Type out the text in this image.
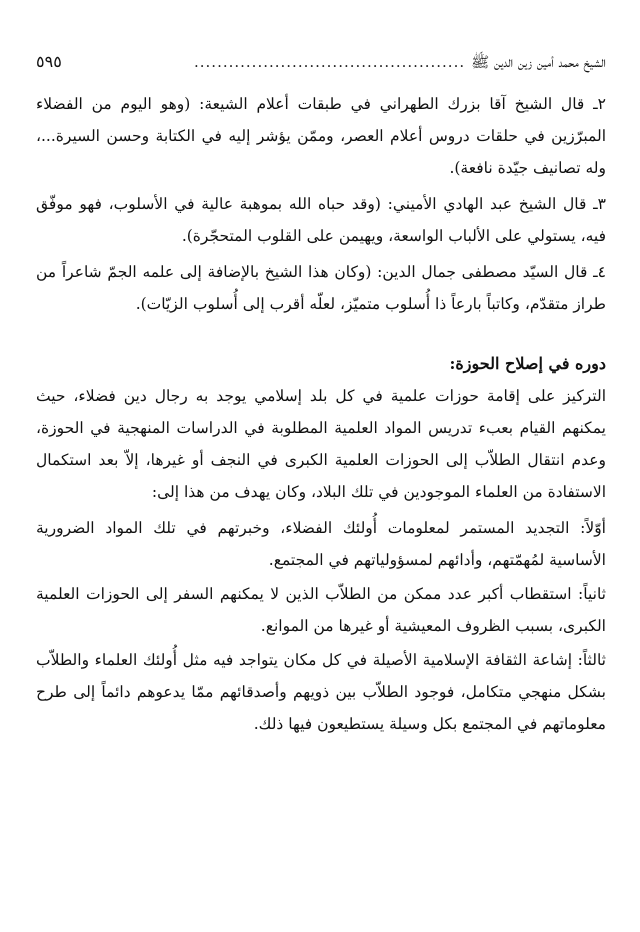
الشيخ محمد أمين زين الدين ﷺ
...............................................
٥٩٥

٢ـ قال الشيخ آقا بزرك الطهراني في طبقات أعلام الشيعة: (وهو اليوم من الفضلاء المبرّزين في حلقات دروس أعلام العصر، وممّن يؤشر إليه في الكتابة وحسن السيرة...، وله تصانيف جيّدة نافعة).

٣ـ قال الشيخ عبد الهادي الأميني: (وقد حباه الله بموهبة عالية في الأسلوب، فهو موفّق فيه، يستولي على الألباب الواسعة، ويهيمن على القلوب المتحجّرة).

٤ـ قال السيّد مصطفى جمال الدين: (وكان هذا الشيخ بالإضافة إلى علمه الجمّ شاعراً من طراز متقدّم، وكاتباً بارعاً ذا أُسلوب متميّز، لعلّه أقرب إلى أُسلوب الزيّات).

دوره في إصلاح الحوزة:

التركيز على إقامة حوزات علمية في كل بلد إسلامي يوجد به رجال دين فضلاء، حيث يمكنهم القيام بعبء تدريس المواد العلمية المطلوبة في الدراسات المنهجية في الحوزة، وعدم انتقال الطلاّب إلى الحوزات العلمية الكبرى في النجف أو غيرها، إلاّ بعد استكمال الاستفادة من العلماء الموجودين في تلك البلاد، وكان يهدف من هذا إلى:

أوّلاً: التجديد المستمر لمعلومات أُولئك الفضلاء، وخبرتهم في تلك المواد الضرورية الأساسية لمُهمّتهم، وأدائهم لمسؤولياتهم في المجتمع.

ثانياً: استقطاب أكبر عدد ممكن من الطلاّب الذين لا يمكنهم السفر إلى الحوزات العلمية الكبرى، بسبب الظروف المعيشية أو غيرها من الموانع.

ثالثاً: إشاعة الثقافة الإسلامية الأصيلة في كل مكان يتواجد فيه مثل أُولئك العلماء والطلاّب بشكل منهجي متكامل، فوجود الطلاّب بين ذويهم وأصدقائهم ممّا يدعوهم دائماً إلى طرح معلوماتهم في المجتمع بكل وسيلة يستطيعون فيها ذلك.
